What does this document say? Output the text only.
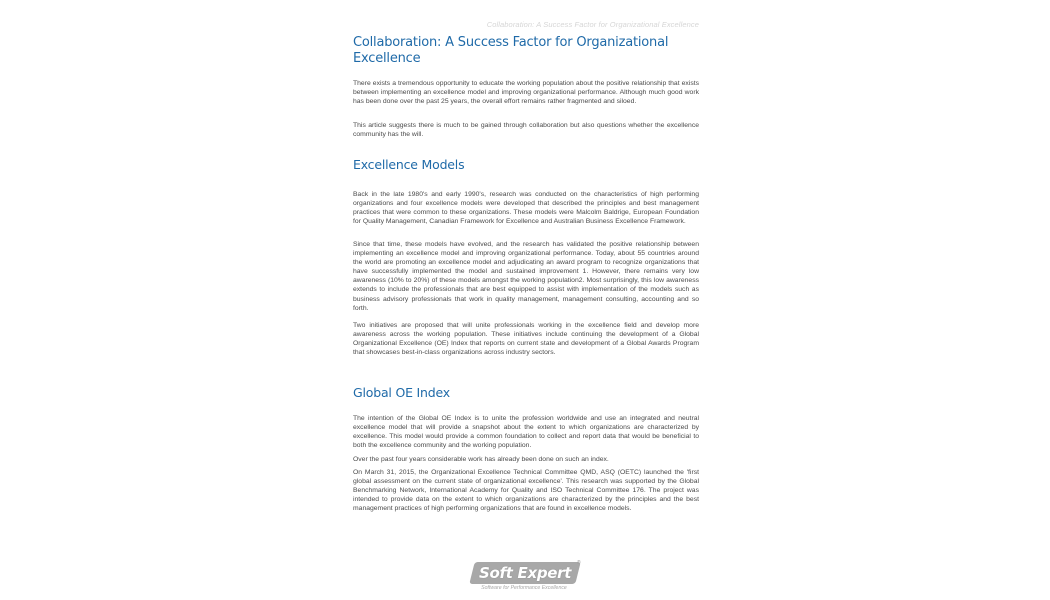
Collaboration: A Success Factor for Organizational Excellence
Collaboration: A Success Factor for Organizational Excellence

There exists a tremendous opportunity to educate the working population about the positive relationship that exists between implementing an excellence model and improving organizational performance. Although much good work has been done over the past 25 years, the overall effort remains rather fragmented and siloed.

This article suggests there is much to be gained through collaboration but also questions whether the excellence community has the will.

Excellence Models

Back in the late 1980's and early 1990's, research was conducted on the characteristics of high performing organizations and four excellence models were developed that described the principles and best management practices that were common to these organizations. These models were Malcolm Baldrige, European Foundation for Quality Management, Canadian Framework for Excellence and Australian Business Excellence Framework.

Since that time, these models have evolved, and the research has validated the positive relationship between implementing an excellence model and improving organizational performance. Today, about 55 countries around the world are promoting an excellence model and adjudicating an award program to recognize organizations that have successfully implemented the model and sustained improvement 1. However, there remains very low awareness (10% to 20%) of these models amongst the working population2. Most surprisingly, this low awareness extends to include the professionals that are best equipped to assist with implementation of the models such as business advisory professionals that work in quality management, management consulting, accounting and so forth.

Two initiatives are proposed that will unite professionals working in the excellence field and develop more awareness across the working population. These initiatives include continuing the development of a Global Organizational Excellence (OE) Index that reports on current state and development of a Global Awards Program that showcases best-in-class organizations across industry sectors.

Global OE Index

The intention of the Global OE Index is to unite the profession worldwide and use an integrated and neutral excellence model that will provide a snapshot about the extent to which organizations are characterized by excellence. This model would provide a common foundation to collect and report data that would be beneficial to both the excellence community and the working population.

Over the past four years considerable work has already been done on such an index.

On March 31, 2015, the Organizational Excellence Technical Committee QMD, ASQ (OETC) launched the 'first global assessment on the current state of organizational excellence'. This research was supported by the Global Benchmarking Network, International Academy for Quality and ISO Technical Committee 176. The project was intended to provide data on the extent to which organizations are characterized by the principles and the best management practices of high performing organizations that are found in excellence models.

Soft Expert
®
Software for Performance Excellence
